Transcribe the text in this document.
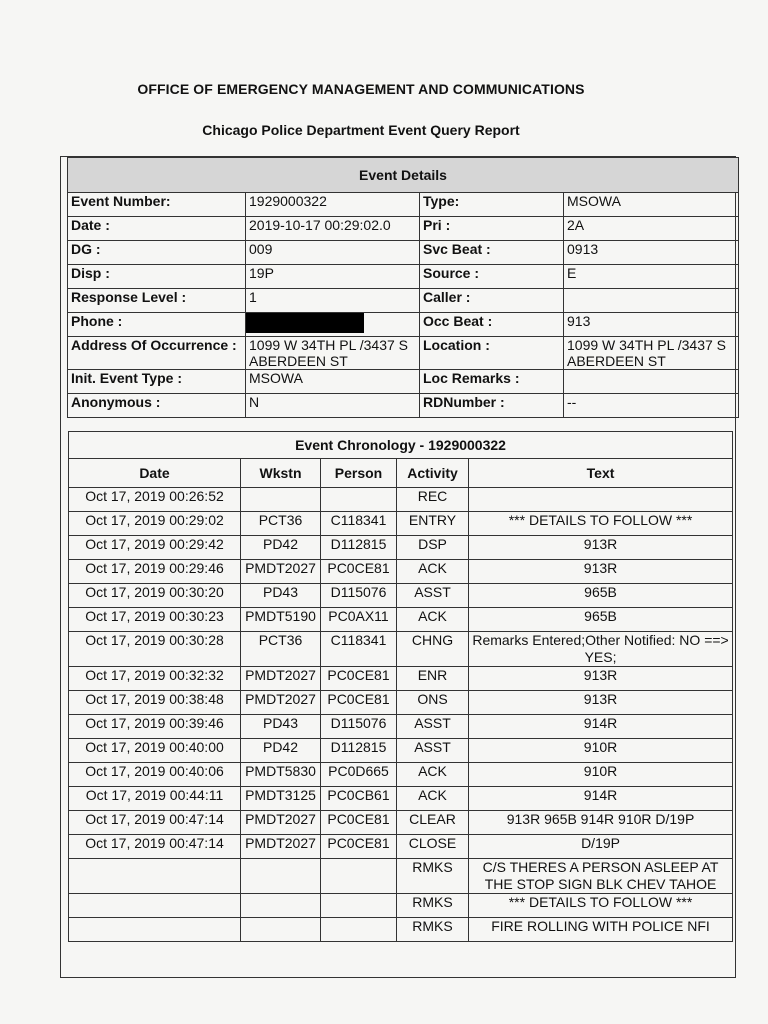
OFFICE OF EMERGENCY MANAGEMENT AND COMMUNICATIONS
Chicago Police Department Event Query Report
Event Details			
Event Number:	1929000322	Type:	MSOWA
Date :	2019-10-17 00:29:02.0	Pri :	2A
DG :	009	Svc Beat :	0913
Disp :	19P	Source :	E
Response Level :	1	Caller :	
Phone :		Occ Beat :	913
Address Of Occurrence :	1099 W 34TH PL /3437 S ABERDEEN ST	Location :	1099 W 34TH PL /3437 S ABERDEEN ST
Init. Event Type :	MSOWA	Loc Remarks :	
Anonymous :	N	RDNumber :	--
Event Chronology - 1929000322				
Date	Wkstn	Person	Activity	Text
Oct 17, 2019 00:26:52			REC	
Oct 17, 2019 00:29:02	PCT36	C118341	ENTRY	*** DETAILS TO FOLLOW ***
Oct 17, 2019 00:29:42	PD42	D112815	DSP	913R
Oct 17, 2019 00:29:46	PMDT2027	PC0CE81	ACK	913R
Oct 17, 2019 00:30:20	PD43	D115076	ASST	965B
Oct 17, 2019 00:30:23	PMDT5190	PC0AX11	ACK	965B
Oct 17, 2019 00:30:28	PCT36	C118341	CHNG	Remarks Entered;Other Notified: NO ==> YES;
Oct 17, 2019 00:32:32	PMDT2027	PC0CE81	ENR	913R
Oct 17, 2019 00:38:48	PMDT2027	PC0CE81	ONS	913R
Oct 17, 2019 00:39:46	PD43	D115076	ASST	914R
Oct 17, 2019 00:40:00	PD42	D112815	ASST	910R
Oct 17, 2019 00:40:06	PMDT5830	PC0D665	ACK	910R
Oct 17, 2019 00:44:11	PMDT3125	PC0CB61	ACK	914R
Oct 17, 2019 00:47:14	PMDT2027	PC0CE81	CLEAR	913R 965B 914R 910R D/19P
Oct 17, 2019 00:47:14	PMDT2027	PC0CE81	CLOSE	D/19P
			RMKS	C/S THERES A PERSON ASLEEP AT THE STOP SIGN BLK CHEV TAHOE
			RMKS	*** DETAILS TO FOLLOW ***
			RMKS	FIRE ROLLING WITH POLICE NFI
